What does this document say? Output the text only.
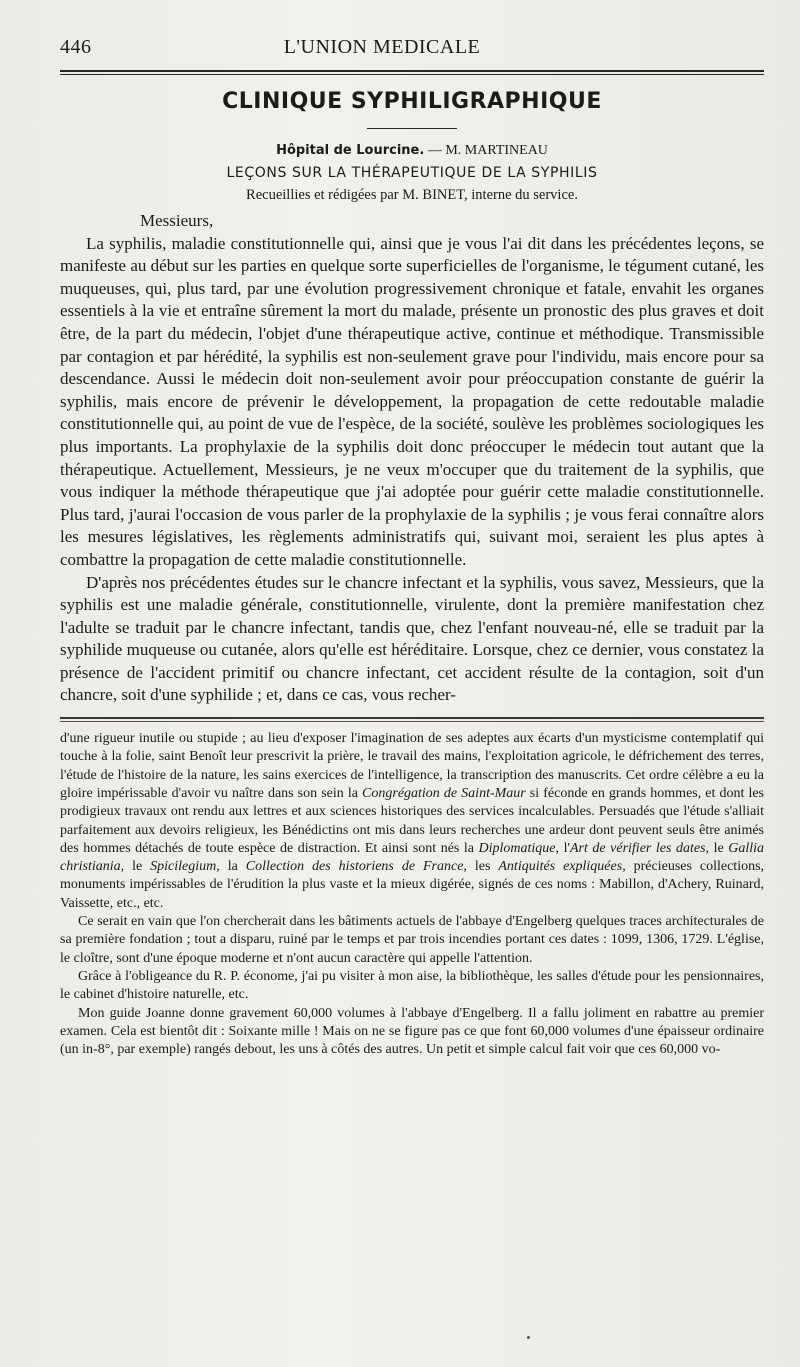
446	L'UNION MEDICALE
CLINIQUE SYPHILIGRAPHIQUE
Hôpital de Lourcine. — M. MARTINEAU
LEÇONS SUR LA THÉRAPEUTIQUE DE LA SYPHILIS
Recueillies et rédigées par M. BINET, interne du service.

Messieurs,

La syphilis, maladie constitutionnelle qui, ainsi que je vous l'ai dit dans les précédentes leçons, se manifeste au début sur les parties en quelque sorte superficielles de l'organisme, le tégument cutané, les muqueuses, qui, plus tard, par une évolution progressivement chronique et fatale, envahit les organes essentiels à la vie et entraîne sûrement la mort du malade, présente un pronostic des plus graves et doit être, de la part du médecin, l'objet d'une thérapeutique active, continue et méthodique. Transmissible par contagion et par hérédité, la syphilis est non-seulement grave pour l'individu, mais encore pour sa descendance. Aussi le médecin doit non-seulement avoir pour préoccupation constante de guérir la syphilis, mais encore de prévenir le développement, la propagation de cette redoutable maladie constitutionnelle qui, au point de vue de l'espèce, de la société, soulève les problèmes sociologiques les plus importants. La prophylaxie de la syphilis doit donc préoccuper le médecin tout autant que la thérapeutique. Actuellement, Messieurs, je ne veux m'occuper que du traitement de la syphilis, que vous indiquer la méthode thérapeutique que j'ai adoptée pour guérir cette maladie constitutionnelle. Plus tard, j'aurai l'occasion de vous parler de la prophylaxie de la syphilis ; je vous ferai connaître alors les mesures législatives, les règlements administratifs qui, suivant moi, seraient les plus aptes à combattre la propagation de cette maladie constitutionnelle.

D'après nos précédentes études sur le chancre infectant et la syphilis, vous savez, Messieurs, que la syphilis est une maladie générale, constitutionnelle, virulente, dont la première manifestation chez l'adulte se traduit par le chancre infectant, tandis que, chez l'enfant nouveau-né, elle se traduit par la syphilide muqueuse ou cutanée, alors qu'elle est héréditaire. Lorsque, chez ce dernier, vous constatez la présence de l'accident primitif ou chancre infectant, cet accident résulte de la contagion, soit d'un chancre, soit d'une syphilide ; et, dans ce cas, vous recher-

d'une rigueur inutile ou stupide ; au lieu d'exposer l'imagination de ses adeptes aux écarts d'un mysticisme contemplatif qui touche à la folie, saint Benoît leur prescrivit la prière, le travail des mains, l'exploitation agricole, le défrichement des terres, l'étude de l'histoire de la nature, les sains exercices de l'intelligence, la transcription des manuscrits. Cet ordre célèbre a eu la gloire impérissable d'avoir vu naître dans son sein la Congrégation de Saint-Maur si féconde en grands hommes, et dont les prodigieux travaux ont rendu aux lettres et aux sciences historiques des services incalculables. Persuadés que l'étude s'alliait parfaitement aux devoirs religieux, les Bénédictins ont mis dans leurs recherches une ardeur dont peuvent seuls être animés des hommes détachés de toute espèce de distraction. Et ainsi sont nés la Diplomatique, l'Art de vérifier les dates, le Gallia christiania, le Spicilegium, la Collection des historiens de France, les Antiquités expliquées, précieuses collections, monuments impérissables de l'érudition la plus vaste et la mieux digérée, signés de ces noms : Mabillon, d'Achery, Ruinard, Vaissette, etc., etc.

Ce serait en vain que l'on chercherait dans les bâtiments actuels de l'abbaye d'Engelberg quelques traces architecturales de sa première fondation ; tout a disparu, ruiné par le temps et par trois incendies portant ces dates : 1099, 1306, 1729. L'église, le cloître, sont d'une époque moderne et n'ont aucun caractère qui appelle l'attention.

Grâce à l'obligeance du R. P. économe, j'ai pu visiter à mon aise, la bibliothèque, les salles d'étude pour les pensionnaires, le cabinet d'histoire naturelle, etc.

Mon guide Joanne donne gravement 60,000 volumes à l'abbaye d'Engelberg. Il a fallu joliment en rabattre au premier examen. Cela est bientôt dit : Soixante mille ! Mais on ne se figure pas ce que font 60,000 volumes d'une épaisseur ordinaire (un in-8°, par exemple) rangés debout, les uns à côtés des autres. Un petit et simple calcul fait voir que ces 60,000 vo-
